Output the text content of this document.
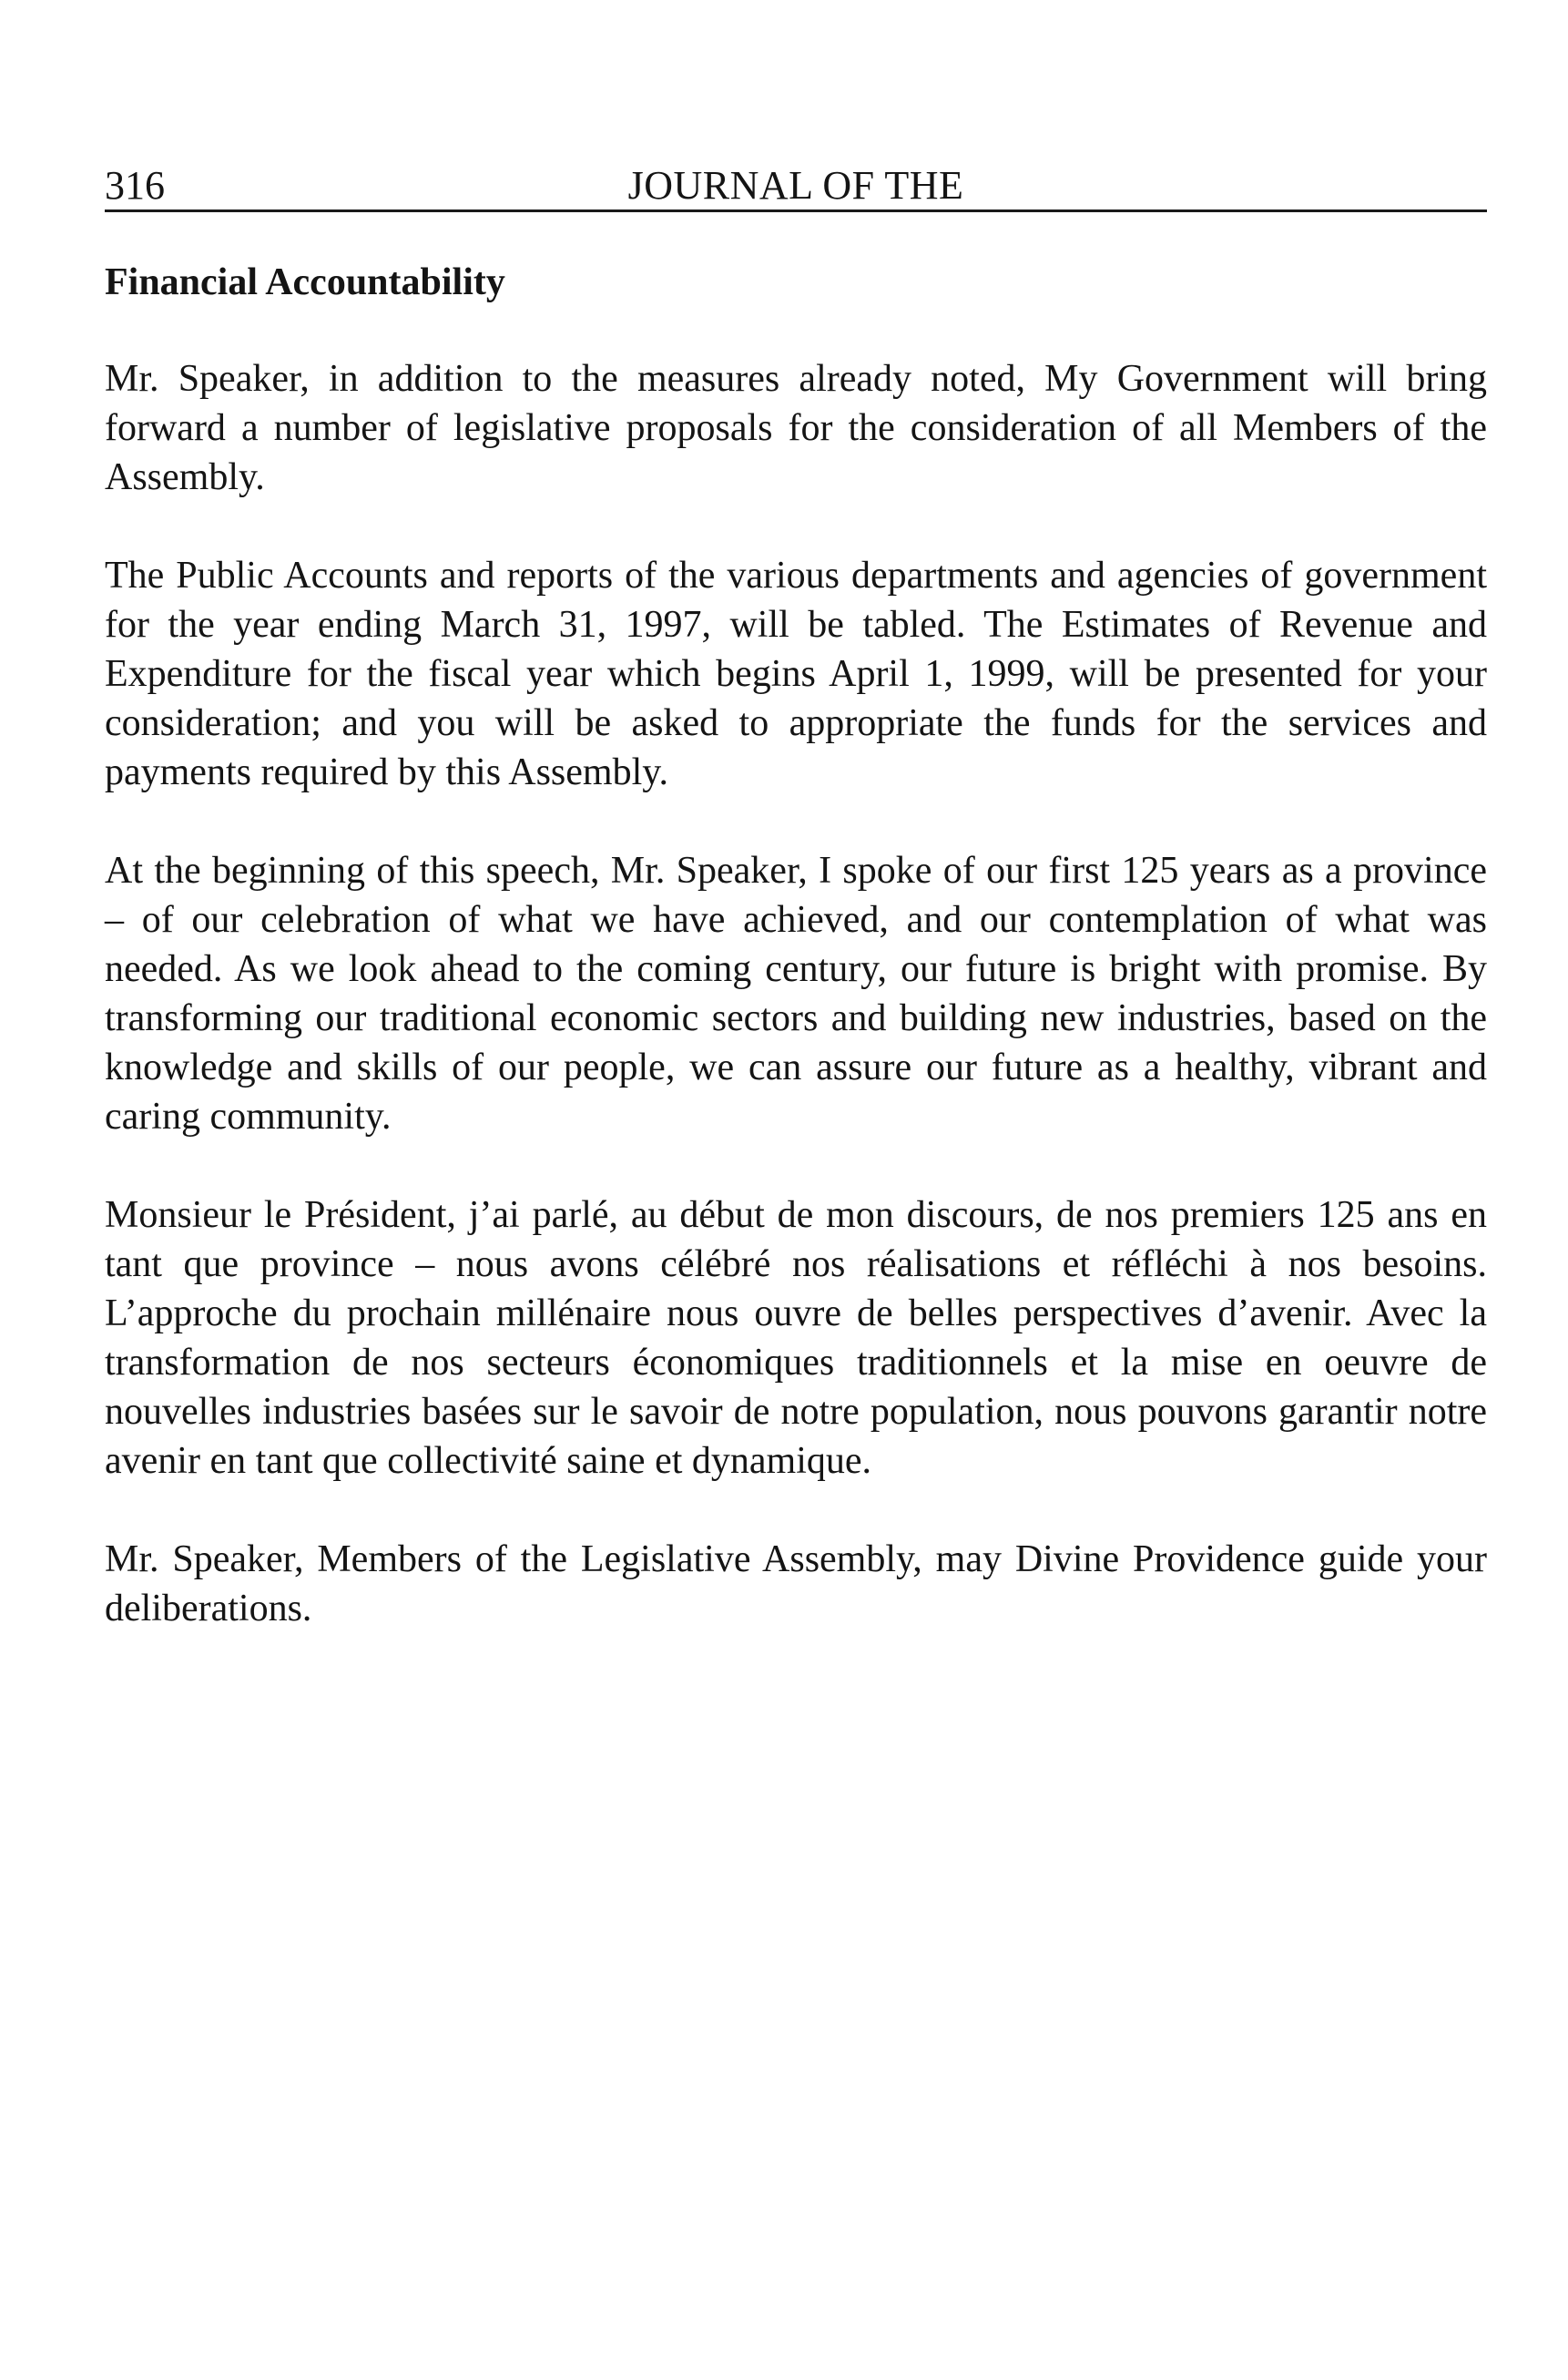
316	JOURNAL OF THE
Financial Accountability

Mr. Speaker, in addition to the measures already noted, My Government will bring forward a number of legislative proposals for the consideration of all Members of the Assembly.

The Public Accounts and reports of the various departments and agencies of government for the year ending March 31, 1997, will be tabled. The Estimates of Revenue and Expenditure for the fiscal year which begins April 1, 1999, will be presented for your consideration; and you will be asked to appropriate the funds for the services and payments required by this Assembly.

At the beginning of this speech, Mr. Speaker, I spoke of our first 125 years as a province – of our celebration of what we have achieved, and our contemplation of what was needed. As we look ahead to the coming century, our future is bright with promise. By transforming our traditional economic sectors and building new industries, based on the knowledge and skills of our people, we can assure our future as a healthy, vibrant and caring community.

Monsieur le Président, j’ai parlé, au début de mon discours, de nos premiers 125 ans en tant que province – nous avons célébré nos réalisations et réfléchi à nos besoins. L’approche du prochain millénaire nous ouvre de belles perspectives d’avenir. Avec la transformation de nos secteurs économiques traditionnels et la mise en oeuvre de nouvelles industries basées sur le savoir de notre population, nous pouvons garantir notre avenir en tant que collectivité saine et dynamique.

Mr. Speaker, Members of the Legislative Assembly, may Divine Providence guide your deliberations.
